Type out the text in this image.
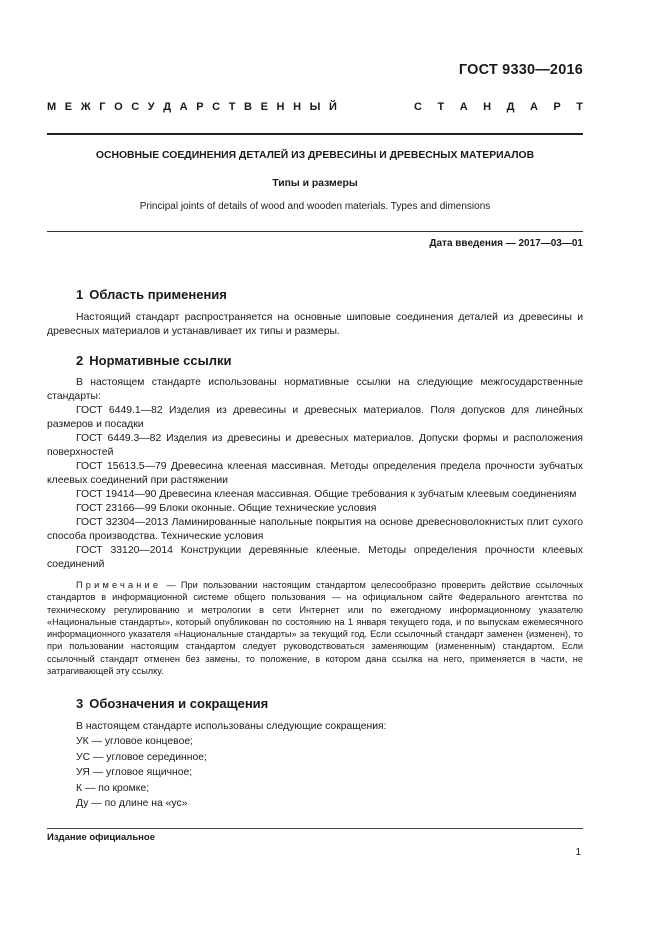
ГОСТ 9330—2016
М Е Ж Г О С У Д А Р С Т В Е Н Н Ы Й	С Т А Н Д А Р Т
ОСНОВНЫЕ СОЕДИНЕНИЯ ДЕТАЛЕЙ ИЗ ДРЕВЕСИНЫ И ДРЕВЕСНЫХ МАТЕРИАЛОВ
Типы и размеры
Principal joints of details of wood and wooden materials. Types and dimensions
Дата введения — 2017—03—01
1 Область применения
Настоящий стандарт распространяется на основные шиповые соединения деталей из древесины и древесных материалов и устанавливает их типы и размеры.
2 Нормативные ссылки
В настоящем стандарте использованы нормативные ссылки на следующие межгосударственные стандарты:
ГОСТ 6449.1—82 Изделия из древесины и древесных материалов. Поля допусков для линейных размеров и посадки
ГОСТ 6449.3—82 Изделия из древесины и древесных материалов. Допуски формы и расположения поверхностей
ГОСТ 15613.5—79 Древесина клееная массивная. Методы определения предела прочности зубчатых клеевых соединений при растяжении
ГОСТ 19414—90 Древесина клееная массивная. Общие требования к зубчатым клеевым соединениям
ГОСТ 23166—99 Блоки оконные. Общие технические условия
ГОСТ 32304—2013 Ламинированные напольные покрытия на основе древесноволокнистых плит сухого способа производства. Технические условия
ГОСТ 33120—2014 Конструкции деревянные клееные. Методы определения прочности клеевых соединений
Примечание — При пользовании настоящим стандартом целесообразно проверить действие ссылочных стандартов в информационной системе общего пользования — на официальном сайте Федерального агентства по техническому регулированию и метрологии в сети Интернет или по ежегодному информационному указателю «Национальные стандарты», который опубликован по состоянию на 1 января текущего года, и по выпускам ежемесячного информационного указателя «Национальные стандарты» за текущий год. Если ссылочный стандарт заменен (изменен), то при пользовании настоящим стандартом следует руководствоваться заменяющим (измененным) стандартом. Если ссылочный стандарт отменен без замены, то положение, в котором дана ссылка на него, применяется в части, не затрагивающей эту ссылку.
3 Обозначения и сокращения
В настоящем стандарте использованы следующие сокращения:
УК — угловое концевое;
УС — угловое серединное;
УЯ — угловое ящичное;
К — по кромке;
Ду — по длине на «ус»
Издание официальное
1
